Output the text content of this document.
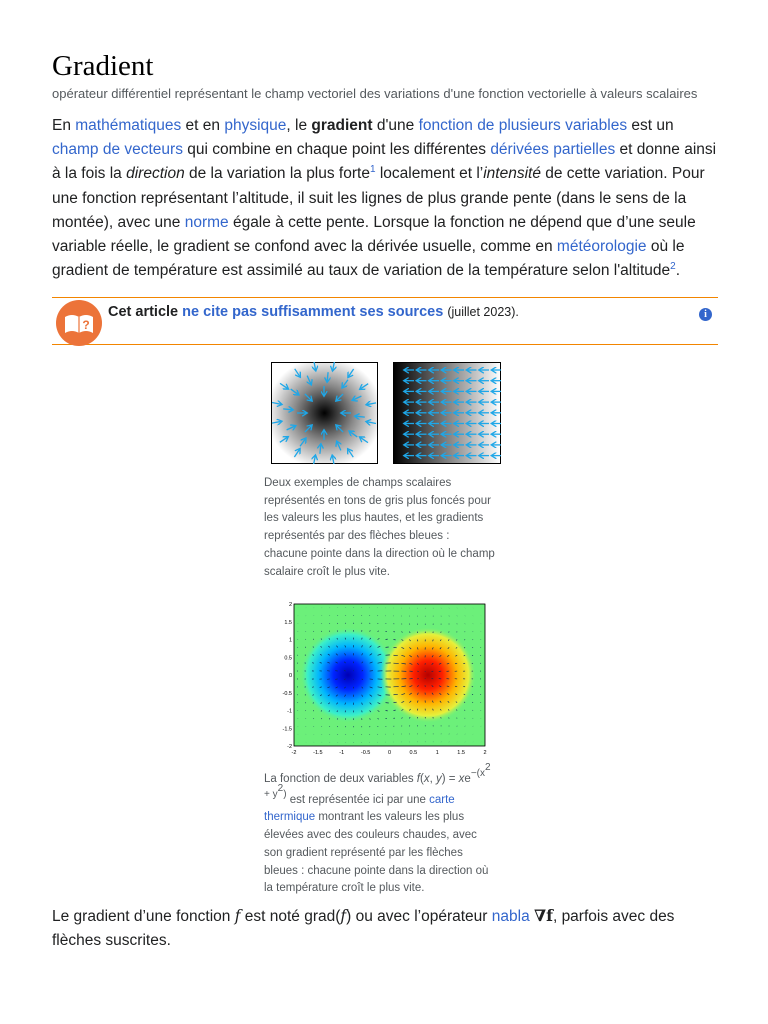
Gradient
opérateur différentiel représentant le champ vectoriel des variations d'une fonction vectorielle à valeurs scalaires

En mathématiques et en physique, le gradient d'une fonction de plusieurs variables est un champ de vecteurs qui combine en chaque point les différentes dérivées partielles et donne ainsi à la fois la direction de la variation la plus forte$^1$ localement et l’intensité de cette variation. Pour une fonction représentant l’altitude, il suit les lignes de plus grande pente (dans le sens de la montée), avec une norme égale à cette pente. Lorsque la fonction ne dépend que d’une seule variable réelle, le gradient se confond avec la dérivée usuelle, comme en météorologie où le gradient de température est assimilé au taux de variation de la température selon l'altitude$^2$.

?
Cet article ne cite pas suffisamment ses sources (juillet 2023).	i
Deux exemples de champs scalaires représentés en tons de gris plus foncés pour les valeurs les plus hautes, et les gradients représentés par des flèches bleues : chacune pointe dans la direction où le champ scalaire croît le plus vite.
2
1.5
1
0.5
0
-0.5
-1
-1.5
-2
-2	-1.5	-1	-0.5	0	0.5	1	1.5	2
La fonction de deux variables f(x, $y) = xe^{-(x^2 + y^2)}$ est représentée ici par une carte thermique montrant les valeurs les plus élevées avec des couleurs chaudes, avec son gradient représenté par les flèches bleues : chacune pointe dans la direction où la température croît le plus vite.

Le gradient d’une fonction f est noté grad(f) ou avec l’opérateur nabla ∇f, parfois avec des flèches suscrites.
